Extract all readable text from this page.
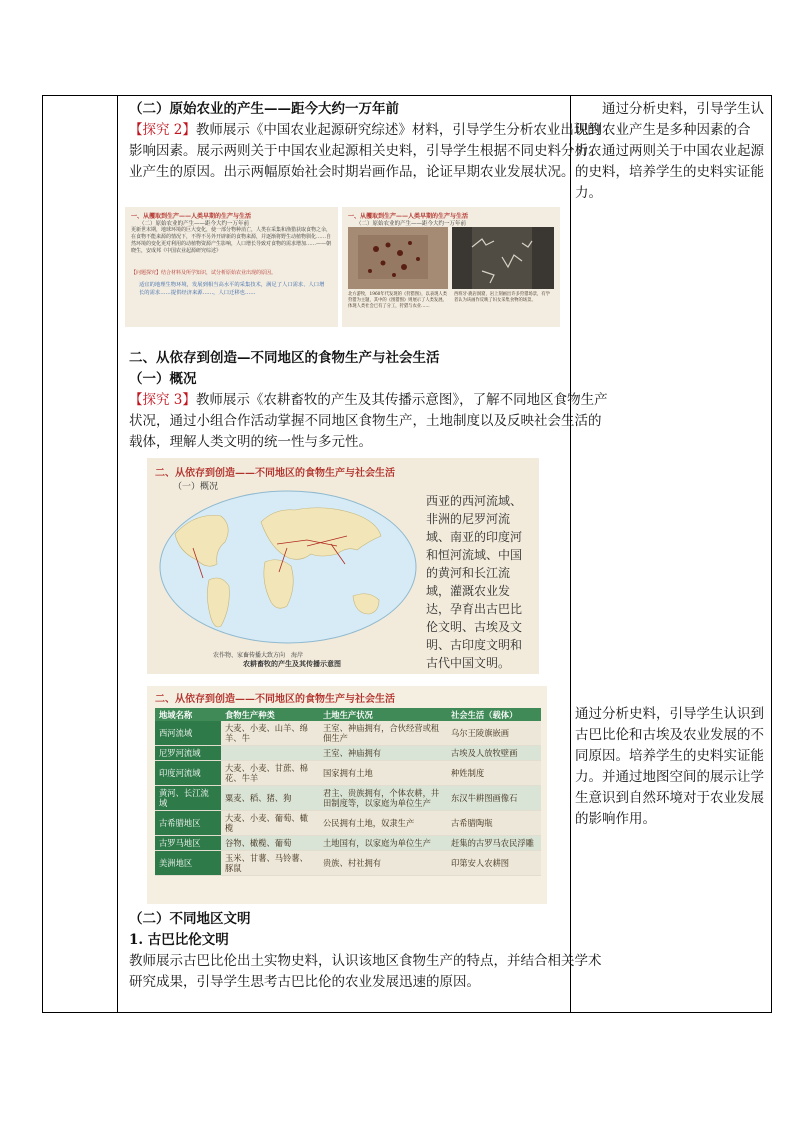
（二）原始农业的产生——距今大约一万年前

【探究 2】教师展示《中国农业起源研究综述》材料，引导学生分析农业出现的影响因素。展示两则关于中国农业起源相关史料，引导学生根据不同史料分析农业产生的原因。出示两幅原始社会时期岩画作品，论证早期农业发展状况。

一、从攫取到生产——人类早期的生产与生活
（二）原始农业的产生——距今大约一万年前
更新世末期，地球环境的巨大变化，使一部分物种消亡，人类在采集和渔猎获取食物之余，在食物不能来源的情况下，不得不另外开辟新的食物来源，并逐渐将野生动植物驯化……自然环境的变化更对利用的动植物资源产生影响，人口增长导致对食物的需求增加……——朝晓生，安成邦《中国农业起源研究综述》
【问题探究】结合材料及所学知识，试分析原始农业出现的原因。
适宜的地理生物环境，发展到相当高水平的采集技术，满足了人口需求、人口增长的需求……提供经济来源……，人口迁移也……
一、从攫取到生产——人类早期的生产与生活
（二）原始农业的产生——距今大约一万年前
北方游牧，1960年代发现的《狩猎图》，以表现人类狩猎为主题，其中的《围猎图》则展示了人类发展。体现人类社会已有了分工，狩猎与农业……
西班牙·鹿岩洞窟，岩上刻画出许多狩猎场景，有学者认为该画作反映了妇女采集食物的场景。

二、从依存到创造—不同地区的食物生产与社会生活

（一）概况

【探究 3】教师展示《农耕畜牧的产生及其传播示意图》，了解不同地区食物生产状况，通过小组合作活动掌握不同地区食物生产，土地制度以及反映社会生活的载体，理解人类文明的统一性与多元性。

二、从依存到创造——不同地区的食物生产与社会生活
（一）概况
农作物、家畜传播大致方向　 海岸
农耕畜牧的产生及其传播示意图
西亚的西河流域、非洲的尼罗河流域、南亚的印度河和恒河流域、中国的黄河和长江流域，灌溉农业发达，孕育出古巴比伦文明、古埃及文明、古印度文明和古代中国文明。
二、从依存到创造——不同地区的食物生产与社会生活
地域名称	食物生产种类	土地生产状况	社会生活（载体）
西河流域	大麦、小麦、山羊、绵羊、牛	王室、神庙拥有，合伙经营或租佃生产	乌尔王陵旗嵌画
尼罗河流域		王室、神庙拥有	古埃及人放牧壁画
印度河流域	大麦、小麦、甘蔗、棉花、牛羊	国家拥有土地	种姓制度
黄河、长江流域	粟麦、稻、猪、狗	君主、贵族拥有，个体农耕，井田制度等，以家庭为单位生产	东汉牛耕图画像石
古希腊地区	大麦、小麦、葡萄、橄榄	公民拥有土地，奴隶生产	古希腊陶瓶
古罗马地区	谷物、橄榄、葡萄	土地国有，以家庭为单位生产	赶集的古罗马农民浮雕
美洲地区	玉米、甘薯、马铃薯、豚鼠	贵族、村社拥有	印第安人农耕图

（二）不同地区文明

1. 古巴比伦文明

教师展示古巴比伦出土实物史料，认识该地区食物生产的特点，并结合相关学术研究成果，引导学生思考古巴比伦的农业发展迅速的原因。

通过分析史料，引导学生认识到农业产生是多种因素的合力。通过两则关于中国农业起源的史料，培养学生的史料实证能力。

通过分析史料，引导学生认识到古巴比伦和古埃及农业发展的不同原因。培养学生的史料实证能力。并通过地图空间的展示让学生意识到自然环境对于农业发展的影响作用。
